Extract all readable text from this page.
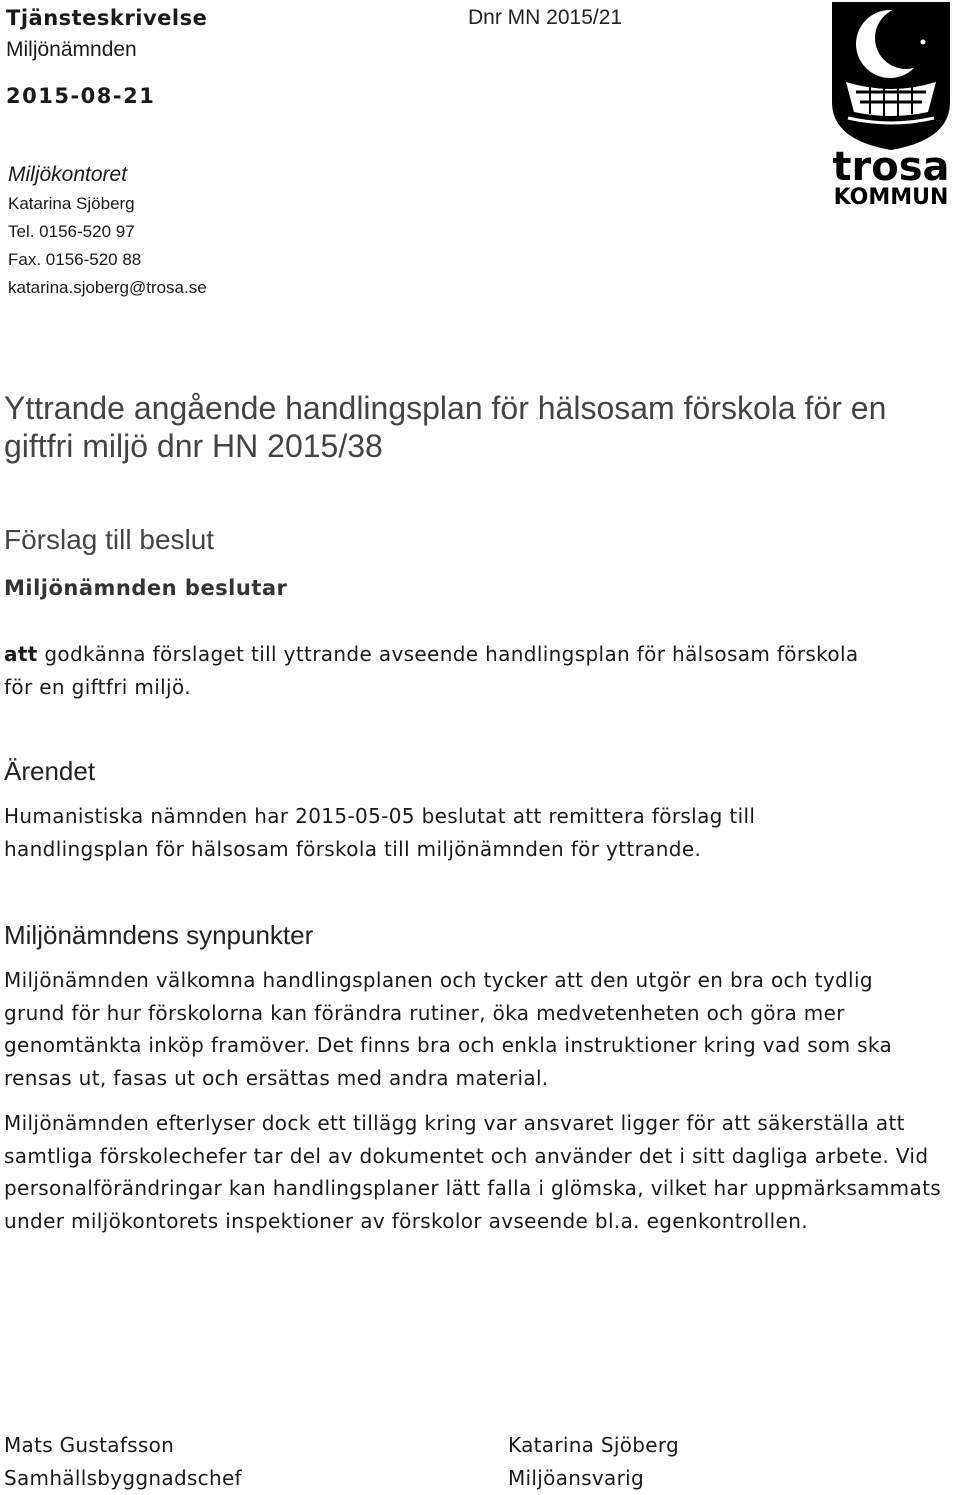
Tjänsteskrivelse	Dnr MN 2015/21
Miljönämnden
2015-08-21
Miljökontoret
Katarina Sjöberg
Tel. 0156-520 97
Fax. 0156-520 88
katarina.sjoberg@trosa.se
trosa
KOMMUN
Yttrande angående handlingsplan för hälsosam förskola för en giftfri miljö dnr HN 2015/38
Förslag till beslut
Miljönämnden beslutar
att godkänna förslaget till yttrande avseende handlingsplan för hälsosam förskola för en giftfri miljö.
Ärendet
Humanistiska nämnden har 2015-05-05 beslutat att remittera förslag till handlingsplan för hälsosam förskola till miljönämnden för yttrande.
Miljönämndens synpunkter
Miljönämnden välkomna handlingsplanen och tycker att den utgör en bra och tydlig grund för hur förskolorna kan förändra rutiner, öka medvetenheten och göra mer genomtänkta inköp framöver. Det finns bra och enkla instruktioner kring vad som ska rensas ut, fasas ut och ersättas med andra material.
Miljönämnden efterlyser dock ett tillägg kring var ansvaret ligger för att säkerställa att samtliga förskolechefer tar del av dokumentet och använder det i sitt dagliga arbete. Vid personalförändringar kan handlingsplaner lätt falla i glömska, vilket har uppmärksammats under miljökontorets inspektioner av förskolor avseende bl.a. egenkontrollen.
Mats Gustafsson
Samhällsbyggnadschef
Katarina Sjöberg
Miljöansvarig
